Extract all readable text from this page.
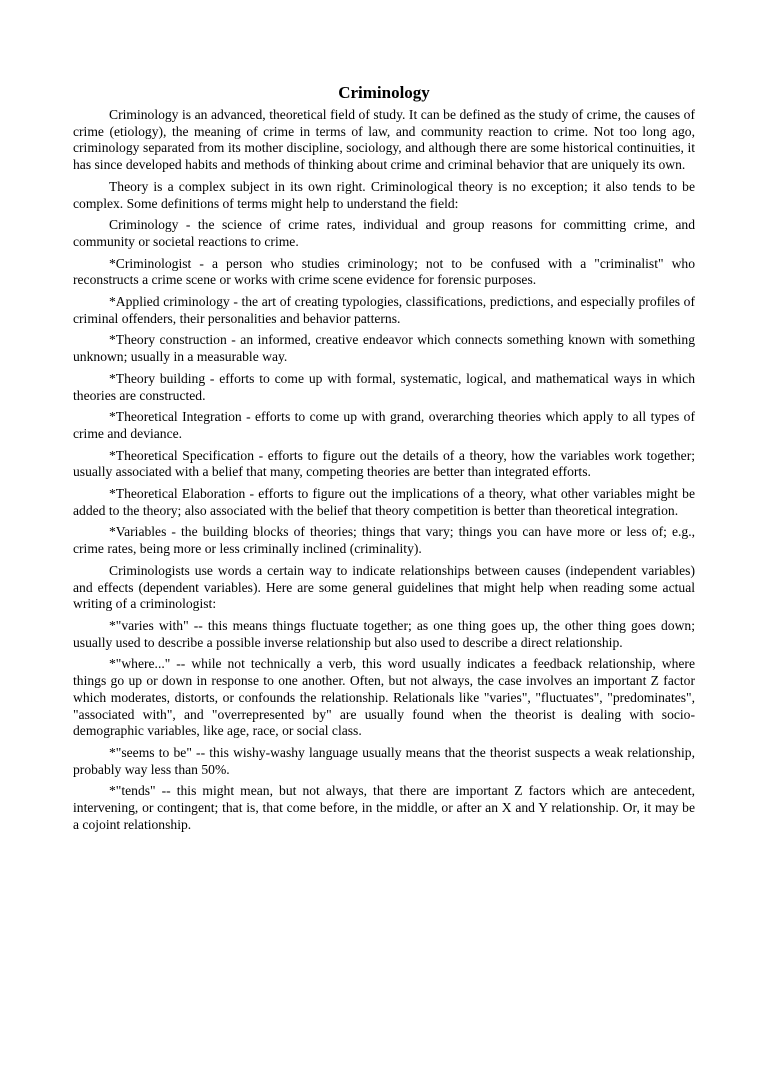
Criminology

Criminology is an advanced, theoretical field of study. It can be defined as the study of crime, the causes of crime (etiology), the meaning of crime in terms of law, and community reaction to crime. Not too long ago, criminology separated from its mother discipline, sociology, and although there are some historical continuities, it has since developed habits and methods of thinking about crime and criminal behavior that are uniquely its own.

Theory is a complex subject in its own right. Criminological theory is no exception; it also tends to be complex. Some definitions of terms might help to understand the field:

Criminology - the science of crime rates, individual and group reasons for committing crime, and community or societal reactions to crime.

*Criminologist - a person who studies criminology; not to be confused with a "criminalist" who reconstructs a crime scene or works with crime scene evidence for forensic purposes.

*Applied criminology - the art of creating typologies, classifications, predictions, and especially profiles of criminal offenders, their personalities and behavior patterns.

*Theory construction - an informed, creative endeavor which connects something known with something unknown; usually in a measurable way.

*Theory building - efforts to come up with formal, systematic, logical, and mathematical ways in which theories are constructed.

*Theoretical Integration - efforts to come up with grand, overarching theories which apply to all types of crime and deviance.

*Theoretical Specification - efforts to figure out the details of a theory, how the variables work together; usually associated with a belief that many, competing theories are better than integrated efforts.

*Theoretical Elaboration - efforts to figure out the implications of a theory, what other variables might be added to the theory; also associated with the belief that theory competition is better than theoretical integration.

*Variables - the building blocks of theories; things that vary; things you can have more or less of; e.g., crime rates, being more or less criminally inclined (criminality).

Criminologists use words a certain way to indicate relationships between causes (independent variables) and effects (dependent variables). Here are some general guidelines that might help when reading some actual writing of a criminologist:

*"varies with" -- this means things fluctuate together; as one thing goes up, the other thing goes down; usually used to describe a possible inverse relationship but also used to describe a direct relationship.

*"where..." -- while not technically a verb, this word usually indicates a feedback relationship, where things go up or down in response to one another. Often, but not always, the case involves an important Z factor which moderates, distorts, or confounds the relationship. Relationals like "varies", "fluctuates", "predominates", "associated with", and "overrepresented by" are usually found when the theorist is dealing with socio-demographic variables, like age, race, or social class.

*"seems to be" -- this wishy-washy language usually means that the theorist suspects a weak relationship, probably way less than 50%.

*"tends" -- this might mean, but not always, that there are important Z factors which are antecedent, intervening, or contingent; that is, that come before, in the middle, or after an X and Y relationship. Or, it may be a cojoint relationship.
